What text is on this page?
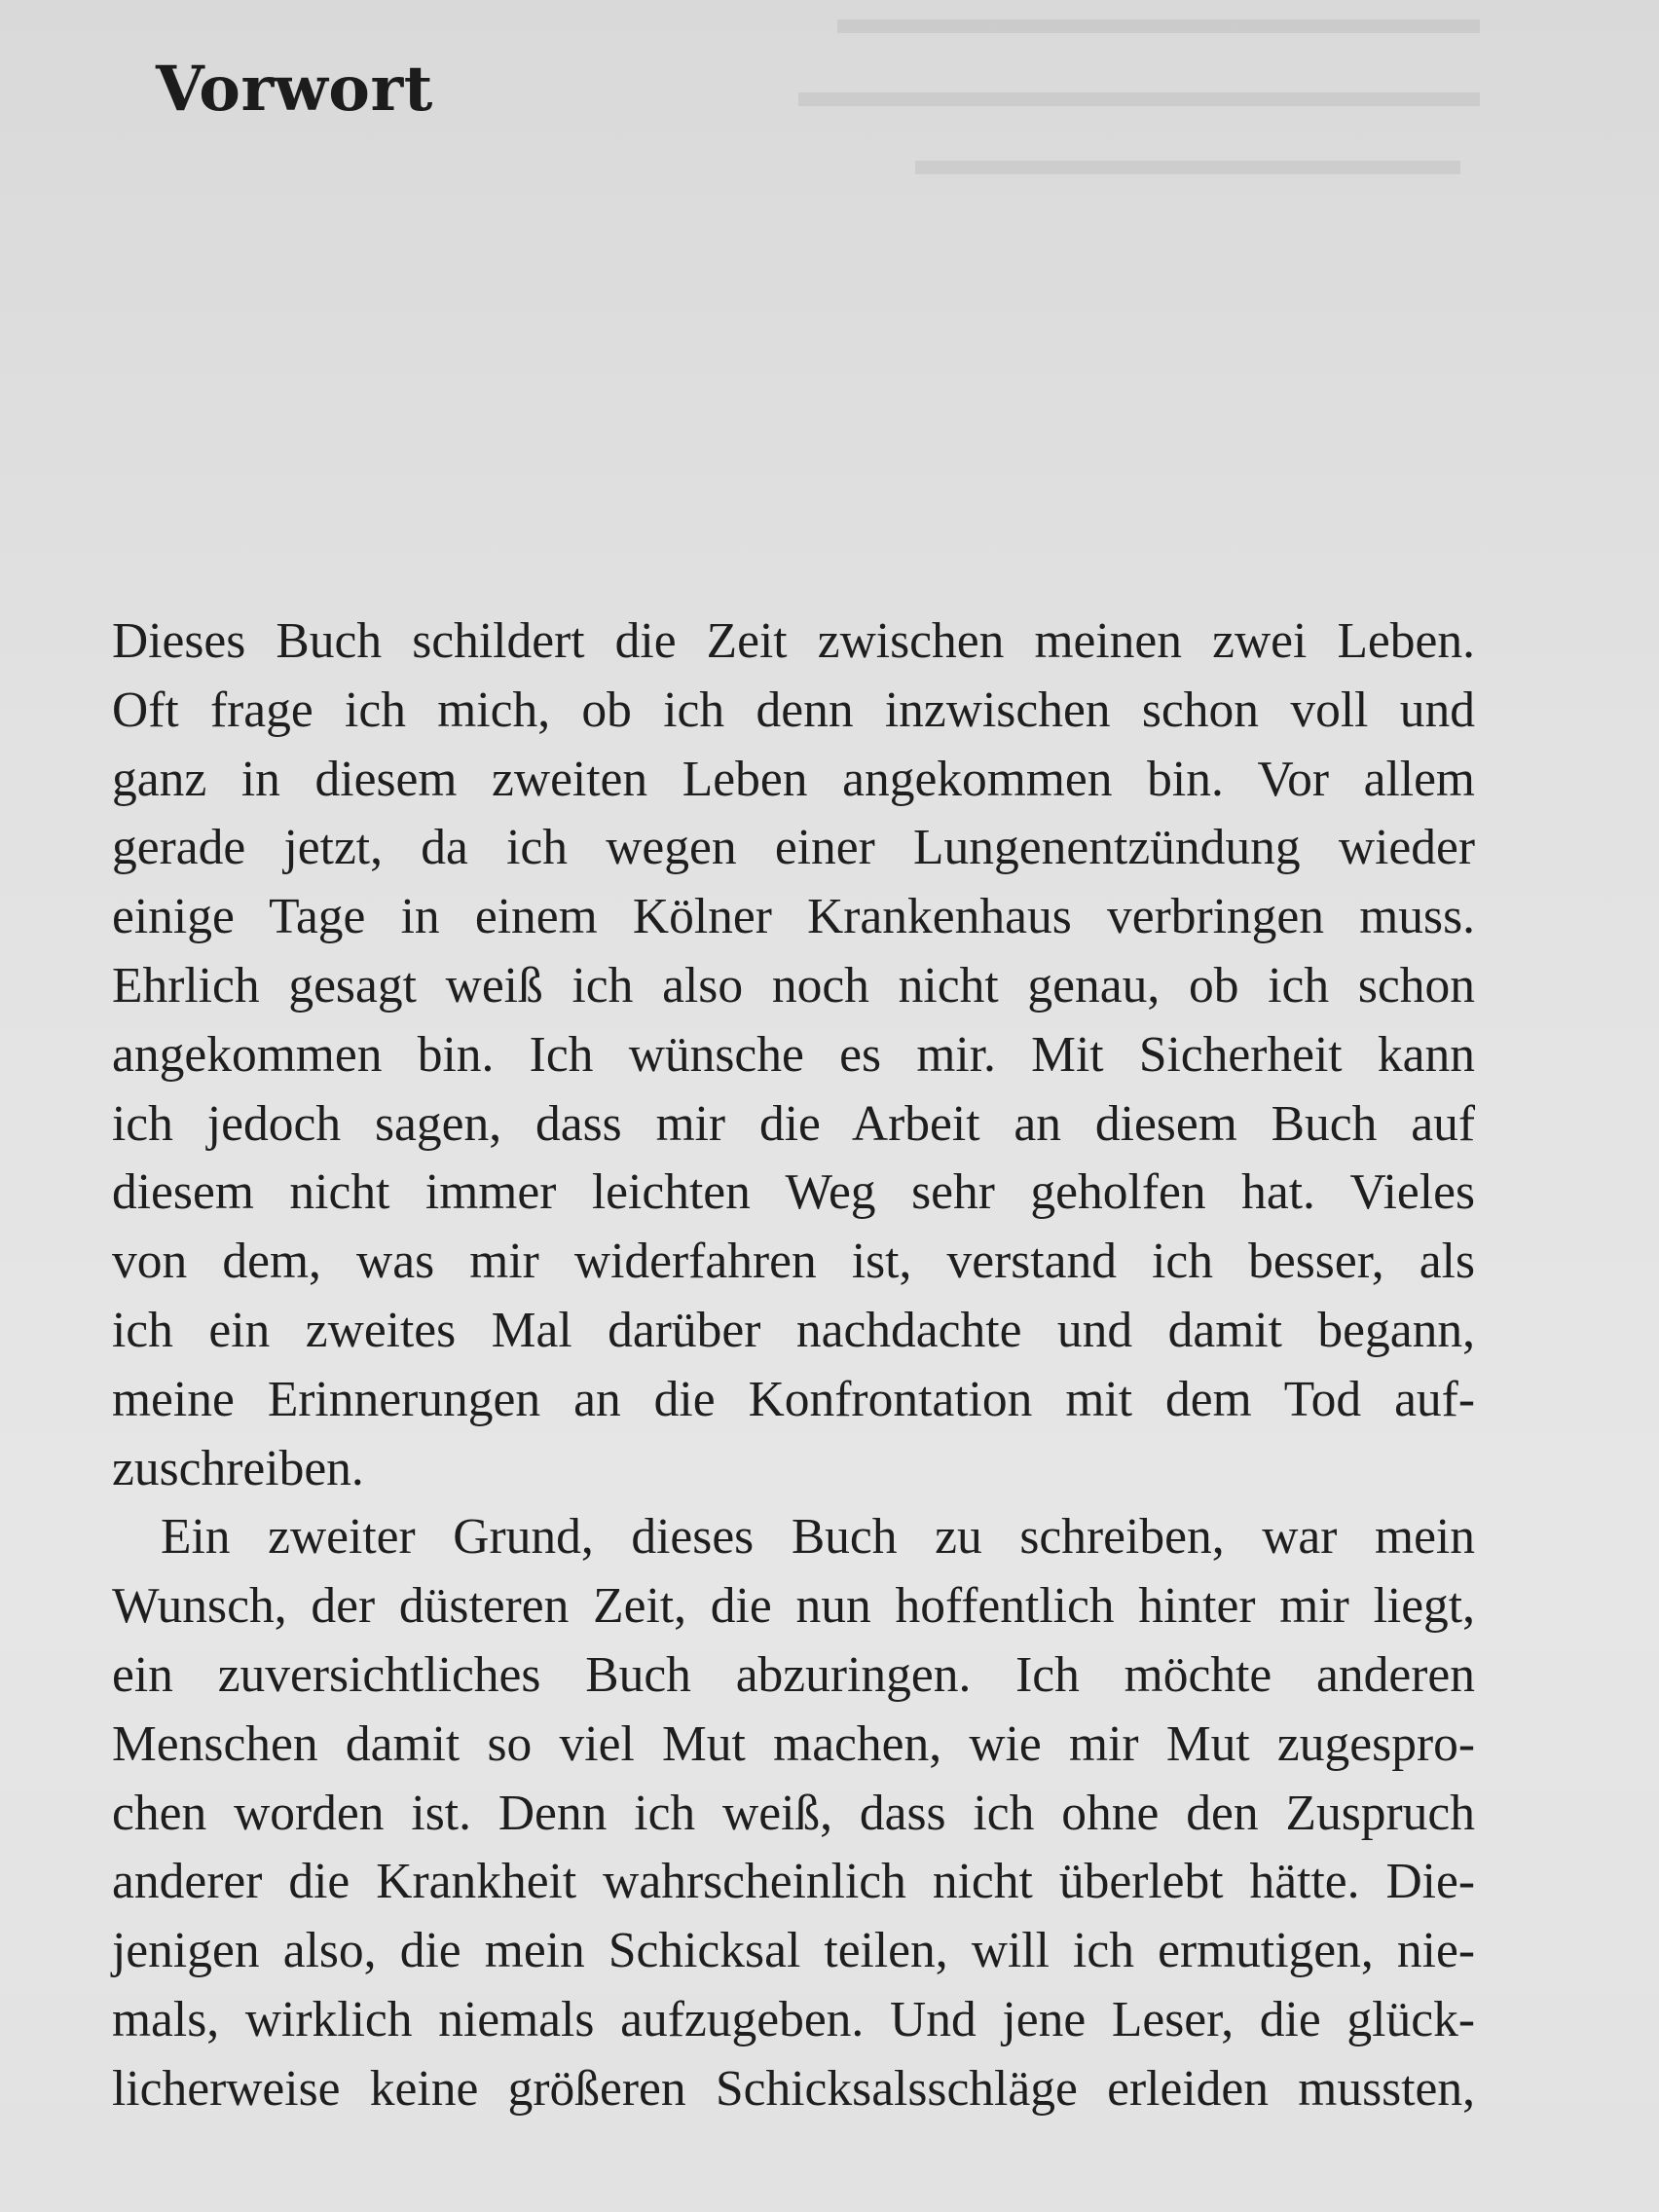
Vorwort
Dieses Buch schildert die Zeit zwischen meinen zwei Leben.
Oft frage ich mich, ob ich denn inzwischen schon voll und
ganz in diesem zweiten Leben angekommen bin. Vor allem
gerade jetzt, da ich wegen einer Lungenentzündung wieder
einige Tage in einem Kölner Krankenhaus verbringen muss.
Ehrlich gesagt weiß ich also noch nicht genau, ob ich schon
angekommen bin. Ich wünsche es mir. Mit Sicherheit kann
ich jedoch sagen, dass mir die Arbeit an diesem Buch auf
diesem nicht immer leichten Weg sehr geholfen hat. Vieles
von dem, was mir widerfahren ist, verstand ich besser, als
ich ein zweites Mal darüber nachdachte und damit begann,
meine Erinnerungen an die Konfrontation mit dem Tod auf-
zuschreiben.
Ein zweiter Grund, dieses Buch zu schreiben, war mein
Wunsch, der düsteren Zeit, die nun hoffentlich hinter mir liegt,
ein zuversichtliches Buch abzuringen. Ich möchte anderen
Menschen damit so viel Mut machen, wie mir Mut zugespro-
chen worden ist. Denn ich weiß, dass ich ohne den Zuspruch
anderer die Krankheit wahrscheinlich nicht überlebt hätte. Die-
jenigen also, die mein Schicksal teilen, will ich ermutigen, nie-
mals, wirklich niemals aufzugeben. Und jene Leser, die glück-
licherweise keine größeren Schicksalsschläge erleiden mussten,
